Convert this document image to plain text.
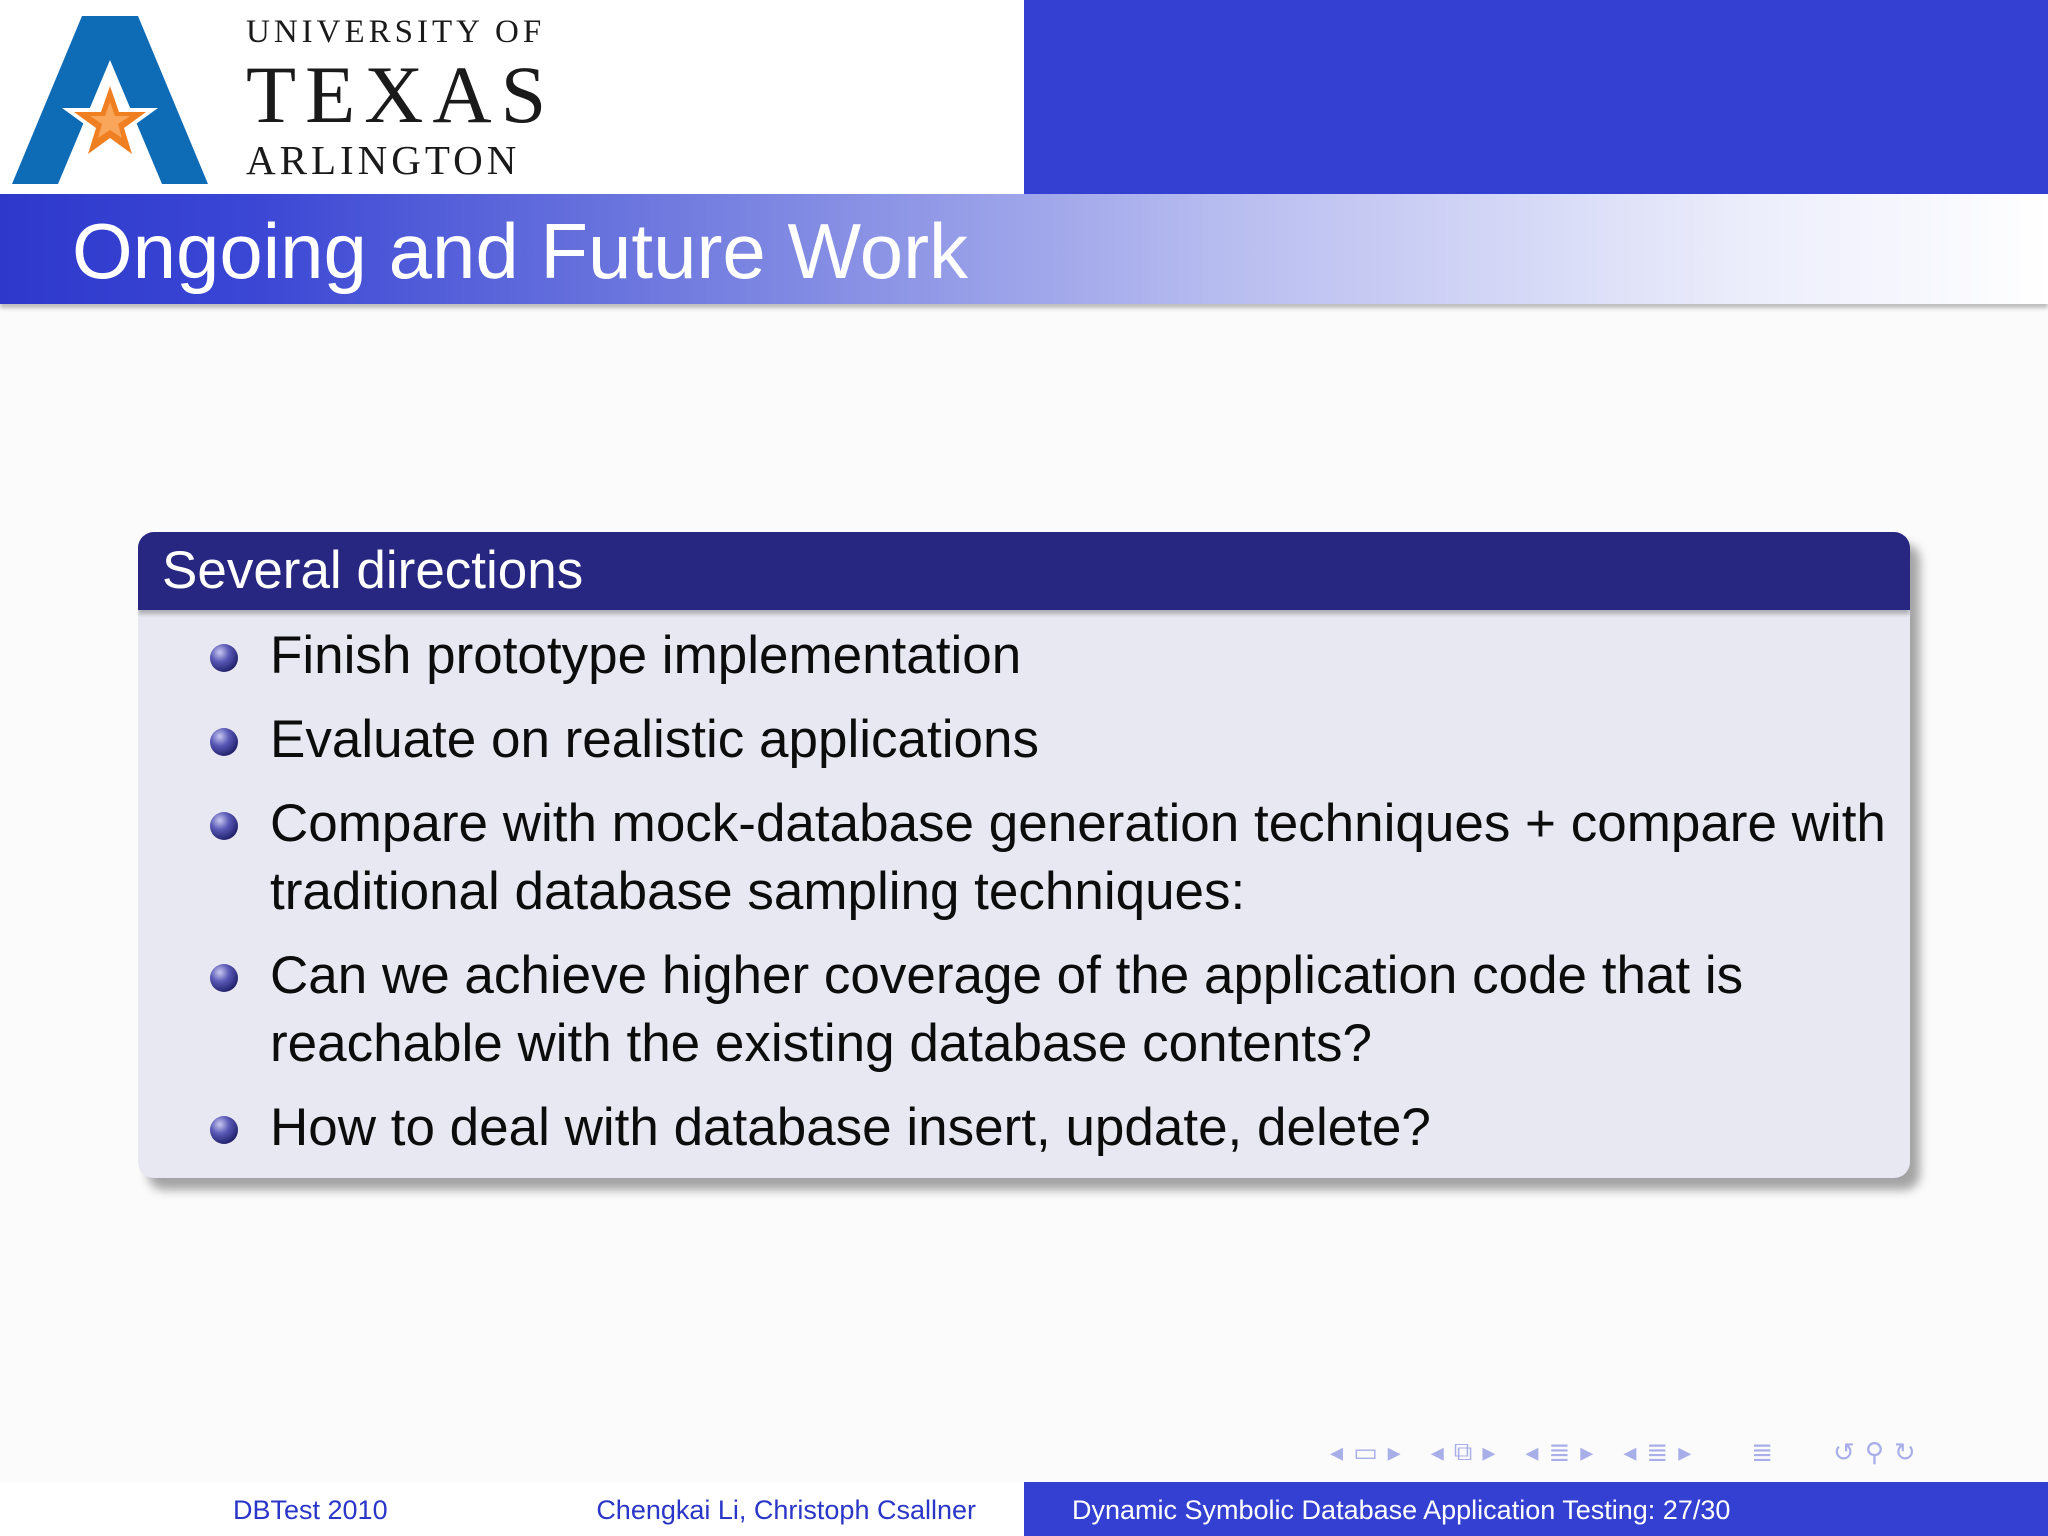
UNIVERSITY OF
TEXAS
ARLINGTON
Ongoing and Future Work
Several directions
Finish prototype implementation
Evaluate on realistic applications
Compare with mock-database generation techniques + compare with traditional database sampling techniques:
Can we achieve higher coverage of the application code that is reachable with the existing database contents?
How to deal with database insert, update, delete?
◂ ▭ ▸ ◂ ⧉ ▸ ◂ ≣ ▸ ◂ ≣ ▸ ≣ ↺ ⚲ ↻
DBTest 2010	Chengkai Li, Christoph Csallner	Dynamic Symbolic Database Application Testing: 27/30
